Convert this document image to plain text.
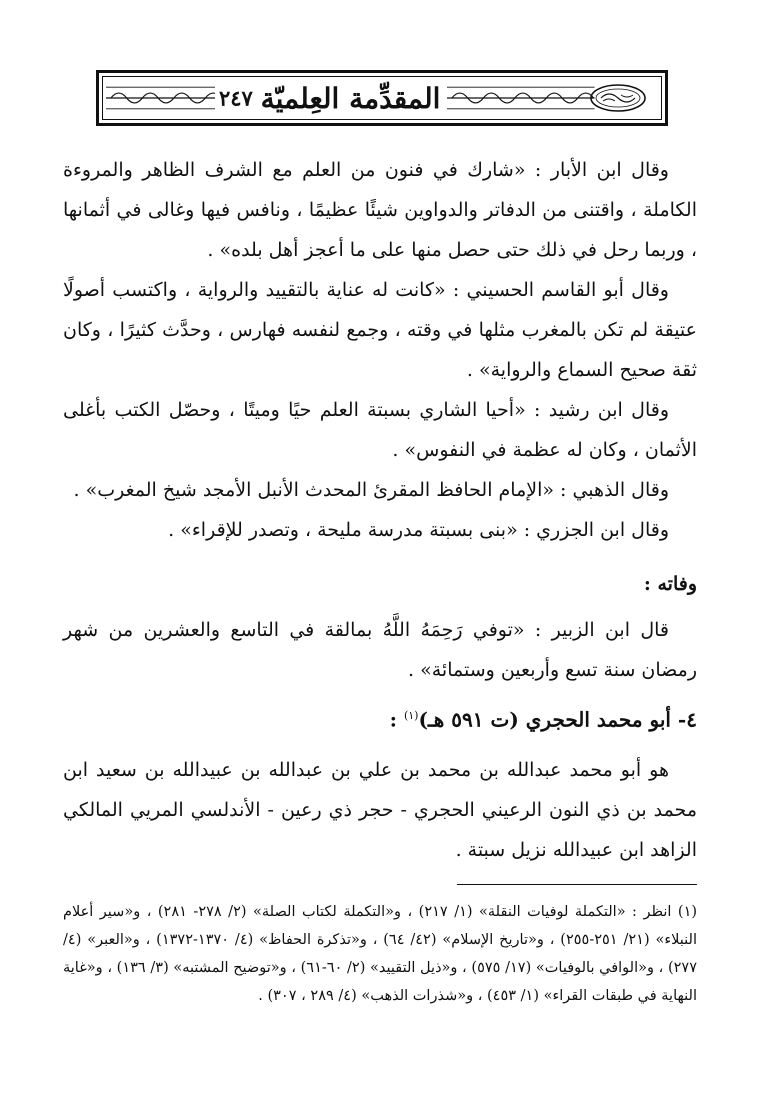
المقدِّمة العِلميّة
٢٤٧

وقال ابن الأبار : «شارك في فنون من العلم مع الشرف الظاهر والمروءة الكاملة ، واقتنى من الدفاتر والدواوين شيئًا عظيمًا ، ونافس فيها وغالى في أثمانها ، وربما رحل في ذلك حتى حصل منها على ما أعجز أهل بلده» .

وقال أبو القاسم الحسيني : «كانت له عناية بالتقييد والرواية ، واكتسب أصولًا عتيقة لم تكن بالمغرب مثلها في وقته ، وجمع لنفسه فهارس ، وحدَّث كثيرًا ، وكان ثقة صحيح السماع والرواية» .

وقال ابن رشيد : «أحيا الشاري بسبتة العلم حيًا وميتًا ، وحصّل الكتب بأغلى الأثمان ، وكان له عظمة في النفوس» .

وقال الذهبي : «الإمام الحافظ المقرئ المحدث الأنبل الأمجد شيخ المغرب» .

وقال ابن الجزري : «بنى بسبتة مدرسة مليحة ، وتصدر للإقراء» .

وفاته :

قال ابن الزبير : «توفي رَحِمَهُ اللَّهُ بمالقة في التاسع والعشرين من شهر رمضان سنة تسع وأربعين وستمائة» .

٤- أبو محمد الحجري (ت ٥٩١ هـ)$^{(١)}$ :

هو أبو محمد عبدالله بن محمد بن علي بن عبدالله بن عبيدالله بن سعيد ابن محمد بن ذي النون الرعيني الحجري - حجر ذي رعين - الأندلسي المريي المالكي الزاهد ابن عبيدالله نزيل سبتة .

(١) انظر : «التكملة لوفيات النقلة» (١/ ٢١٧) ، و«التكملة لكتاب الصلة» (٢/ ٢٧٨- ٢٨١) ، و«سير أعلام النبلاء» (٢١/ ٢٥١-٢٥٥) ، و«تاريخ الإسلام» (٤٢/ ٦٤) ، و«تذكرة الحفاظ» (٤/ ١٣٧٠-١٣٧٢) ، و«العبر» (٤/ ٢٧٧) ، و«الوافي بالوفيات» (١٧/ ٥٧٥) ، و«ذيل التقييد» (٢/ ٦٠-٦١) ، و«توضيح المشتبه» (٣/ ١٣٦) ، و«غاية النهاية في طبقات القراء» (١/ ٤٥٣) ، و«شذرات الذهب» (٤/ ٢٨٩ ، ٣٠٧) .
